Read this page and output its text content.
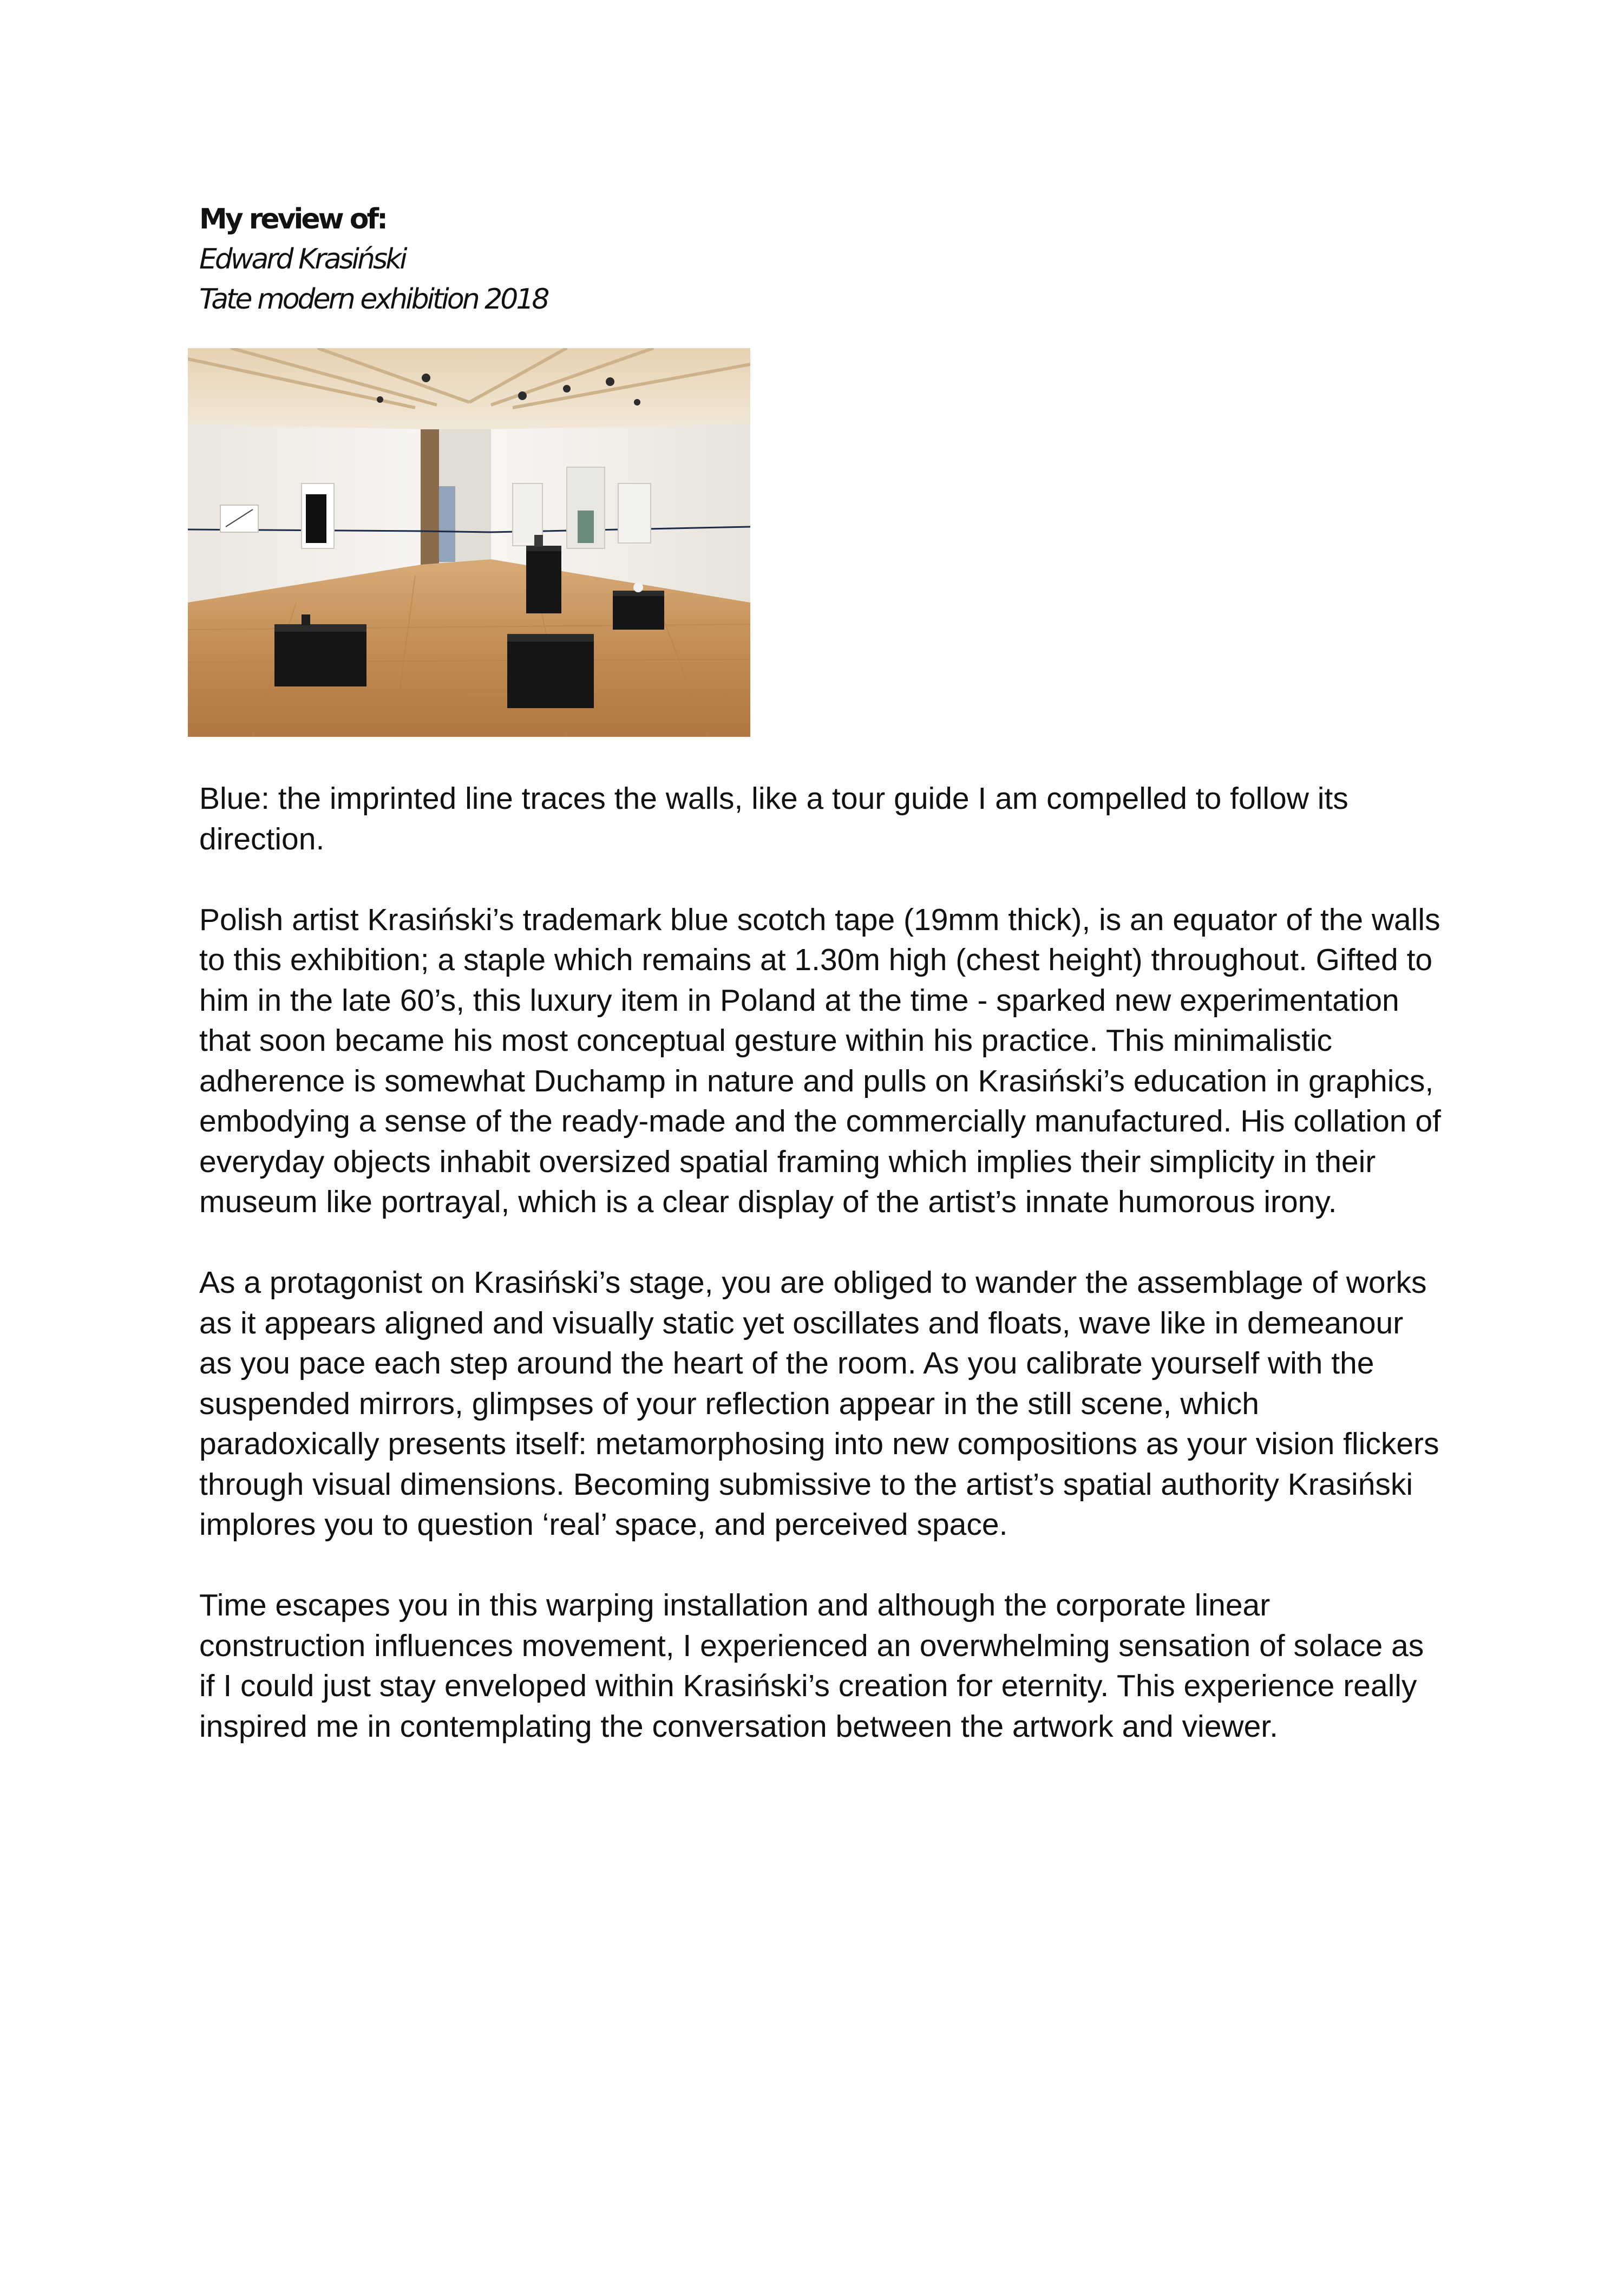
My review of:
Edward Krasiński
Tate modern exhibition 2018

Blue: the imprinted line traces the walls, like a tour guide I am compelled to follow its direction.

Polish artist Krasiński’s trademark blue scotch tape (19mm thick), is an equator of the walls to this exhibition; a staple which remains at 1.30m high (chest height) throughout. Gifted to him in the late 60’s, this luxury item in Poland at the time - sparked new experimentation that soon became his most conceptual gesture within his practice. This minimalistic adherence is somewhat Duchamp in nature and pulls on Krasiński’s education in graphics, embodying a sense of the ready-made and the commercially manufactured. His collation of everyday objects inhabit oversized spatial framing which implies their simplicity in their museum like portrayal, which is a clear display of the artist’s innate humorous irony.

As a protagonist on Krasiński’s stage, you are obliged to wander the assemblage of works as it appears aligned and visually static yet oscillates and floats, wave like in demeanour as you pace each step around the heart of the room. As you calibrate yourself with the suspended mirrors, glimpses of your reflection appear in the still scene, which paradoxically presents itself: metamorphosing into new compositions as your vision flickers through visual dimensions. Becoming submissive to the artist’s spatial authority Krasiński implores you to question ‘real’ space, and perceived space.

Time escapes you in this warping installation and although the corporate linear construction influences movement, I experienced an overwhelming sensation of solace as if I could just stay enveloped within Krasiński’s creation for eternity. This experience really inspired me in contemplating the conversation between the artwork and viewer.
